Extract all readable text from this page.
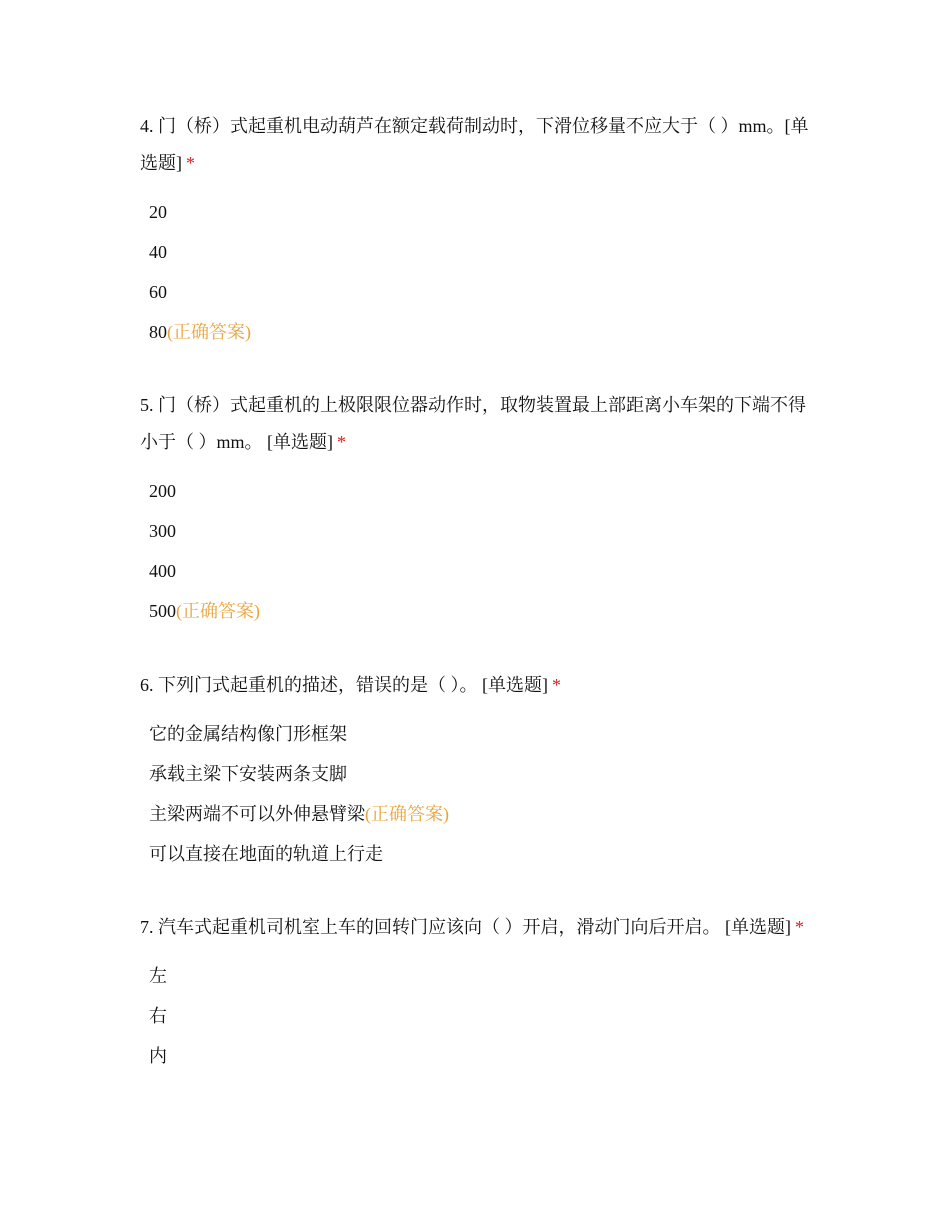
4. 门（桥）式起重机电动葫芦在额定载荷制动时，下滑位移量不应大于（ ）mm。[单选题] *

20
40
60
80(正确答案)

5. 门（桥）式起重机的上极限限位器动作时，取物装置最上部距离小车架的下端不得小于（ ）mm。 [单选题] *

200
300
400
500(正确答案)

6. 下列门式起重机的描述，错误的是（ ）。 [单选题] *

它的金属结构像门形框架
承载主梁下安装两条支脚
主梁两端不可以外伸悬臂梁(正确答案)
可以直接在地面的轨道上行走

7. 汽车式起重机司机室上车的回转门应该向（ ）开启，滑动门向后开启。 [单选题] *

左
右
内
